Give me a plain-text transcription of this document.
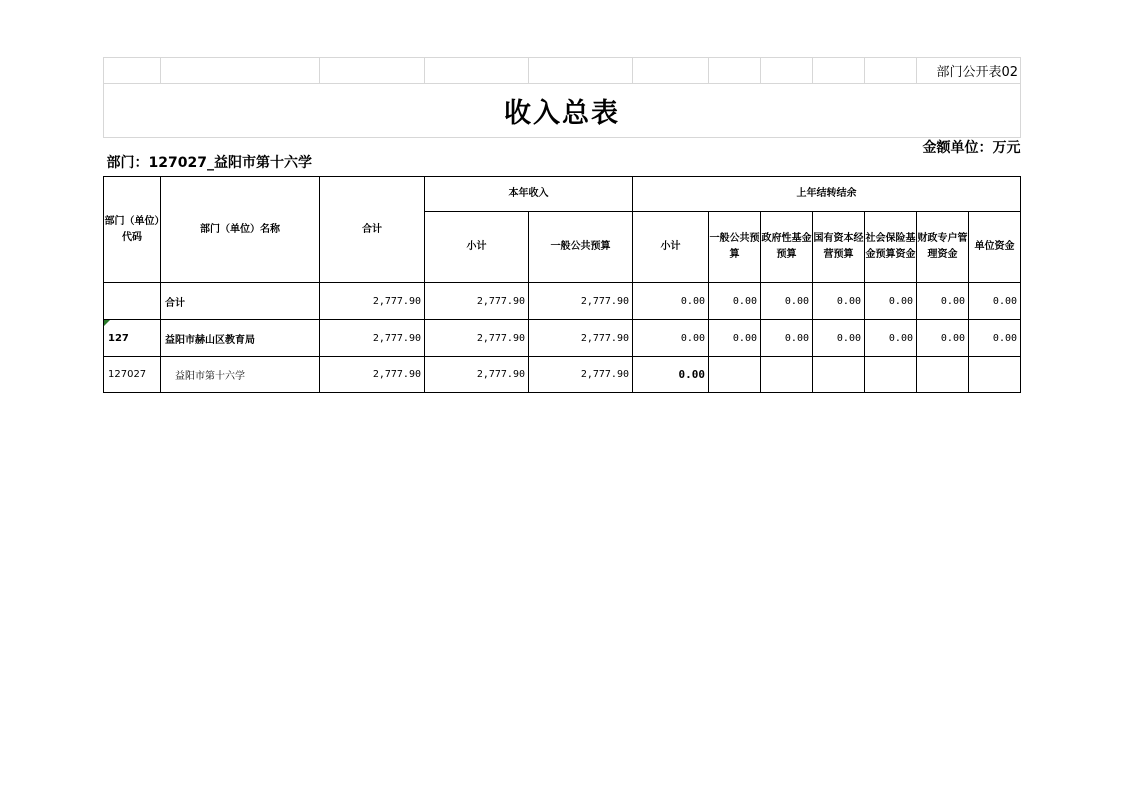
										部门公开表02	
收入总表											
部门：127027_益阳市第十六学										金额单位：万元	
部门（单位）代码	部门（单位）名称	合计	本年收入		上年结转结余						
			小计	一般公共预算	小计	一般公共预算	政府性基金预算	国有资本经营预算	社会保险基金预算资金	财政专户管理资金	单位资金
	合计	2,777.90	2,777.90	2,777.90	0.00	0.00	0.00	0.00	0.00	0.00	0.00
127	益阳市赫山区教育局	2,777.90	2,777.90	2,777.90	0.00	0.00	0.00	0.00	0.00	0.00	0.00
127027	益阳市第十六学	2,777.90	2,777.90	2,777.90	0.00						
